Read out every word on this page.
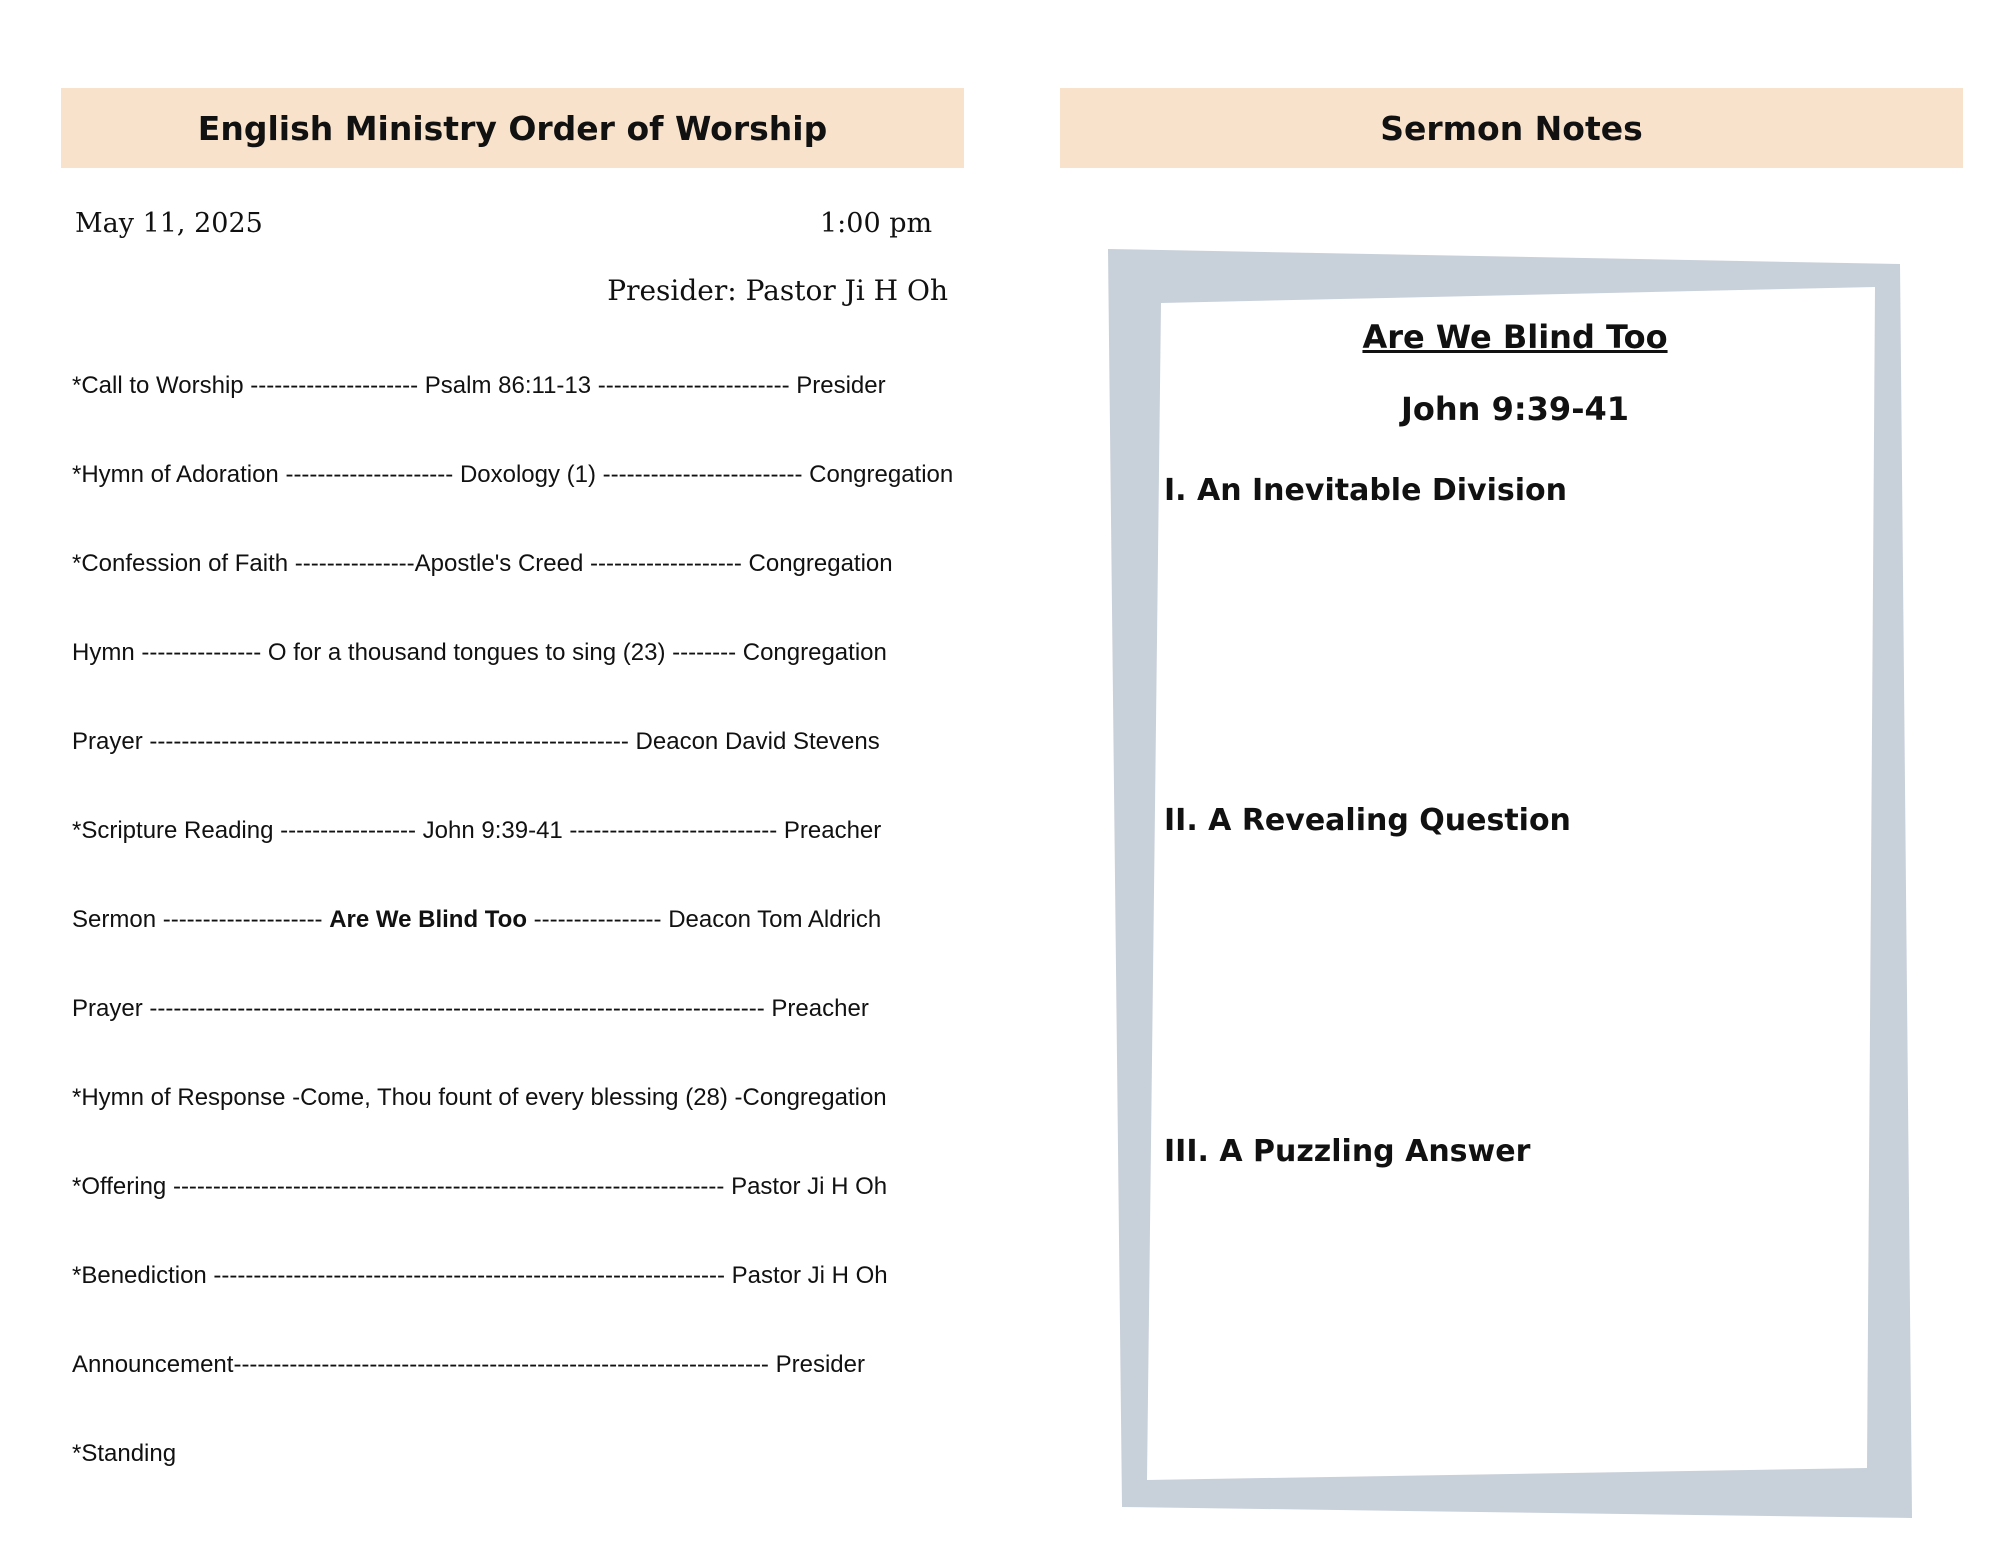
English Ministry Order of Worship	Sermon Notes
May 11, 2025	1:00 pm
Presider: Pastor Ji H Oh
*Call to Worship --------------------- Psalm 86:11-13 ------------------------ Presider
*Hymn of Adoration --------------------- Doxology (1) ------------------------- Congregation
*Confession of Faith ---------------Apostle's Creed ------------------- Congregation
Hymn --------------- O for a thousand tongues to sing (23) -------- Congregation
Prayer ------------------------------------------------------------ Deacon David Stevens
*Scripture Reading ----------------- John 9:39-41 -------------------------- Preacher
Sermon -------------------- Are We Blind Too ---------------- Deacon Tom Aldrich
Prayer ----------------------------------------------------------------------------- Preacher
*Hymn of Response -Come, Thou fount of every blessing (28) -Congregation
*Offering --------------------------------------------------------------------- Pastor Ji H Oh
*Benediction ---------------------------------------------------------------- Pastor Ji H Oh
Announcement------------------------------------------------------------------- Presider
*Standing
Are We Blind Too
John 9:39-41
I. An Inevitable Division
II. A Revealing Question
III. A Puzzling Answer
